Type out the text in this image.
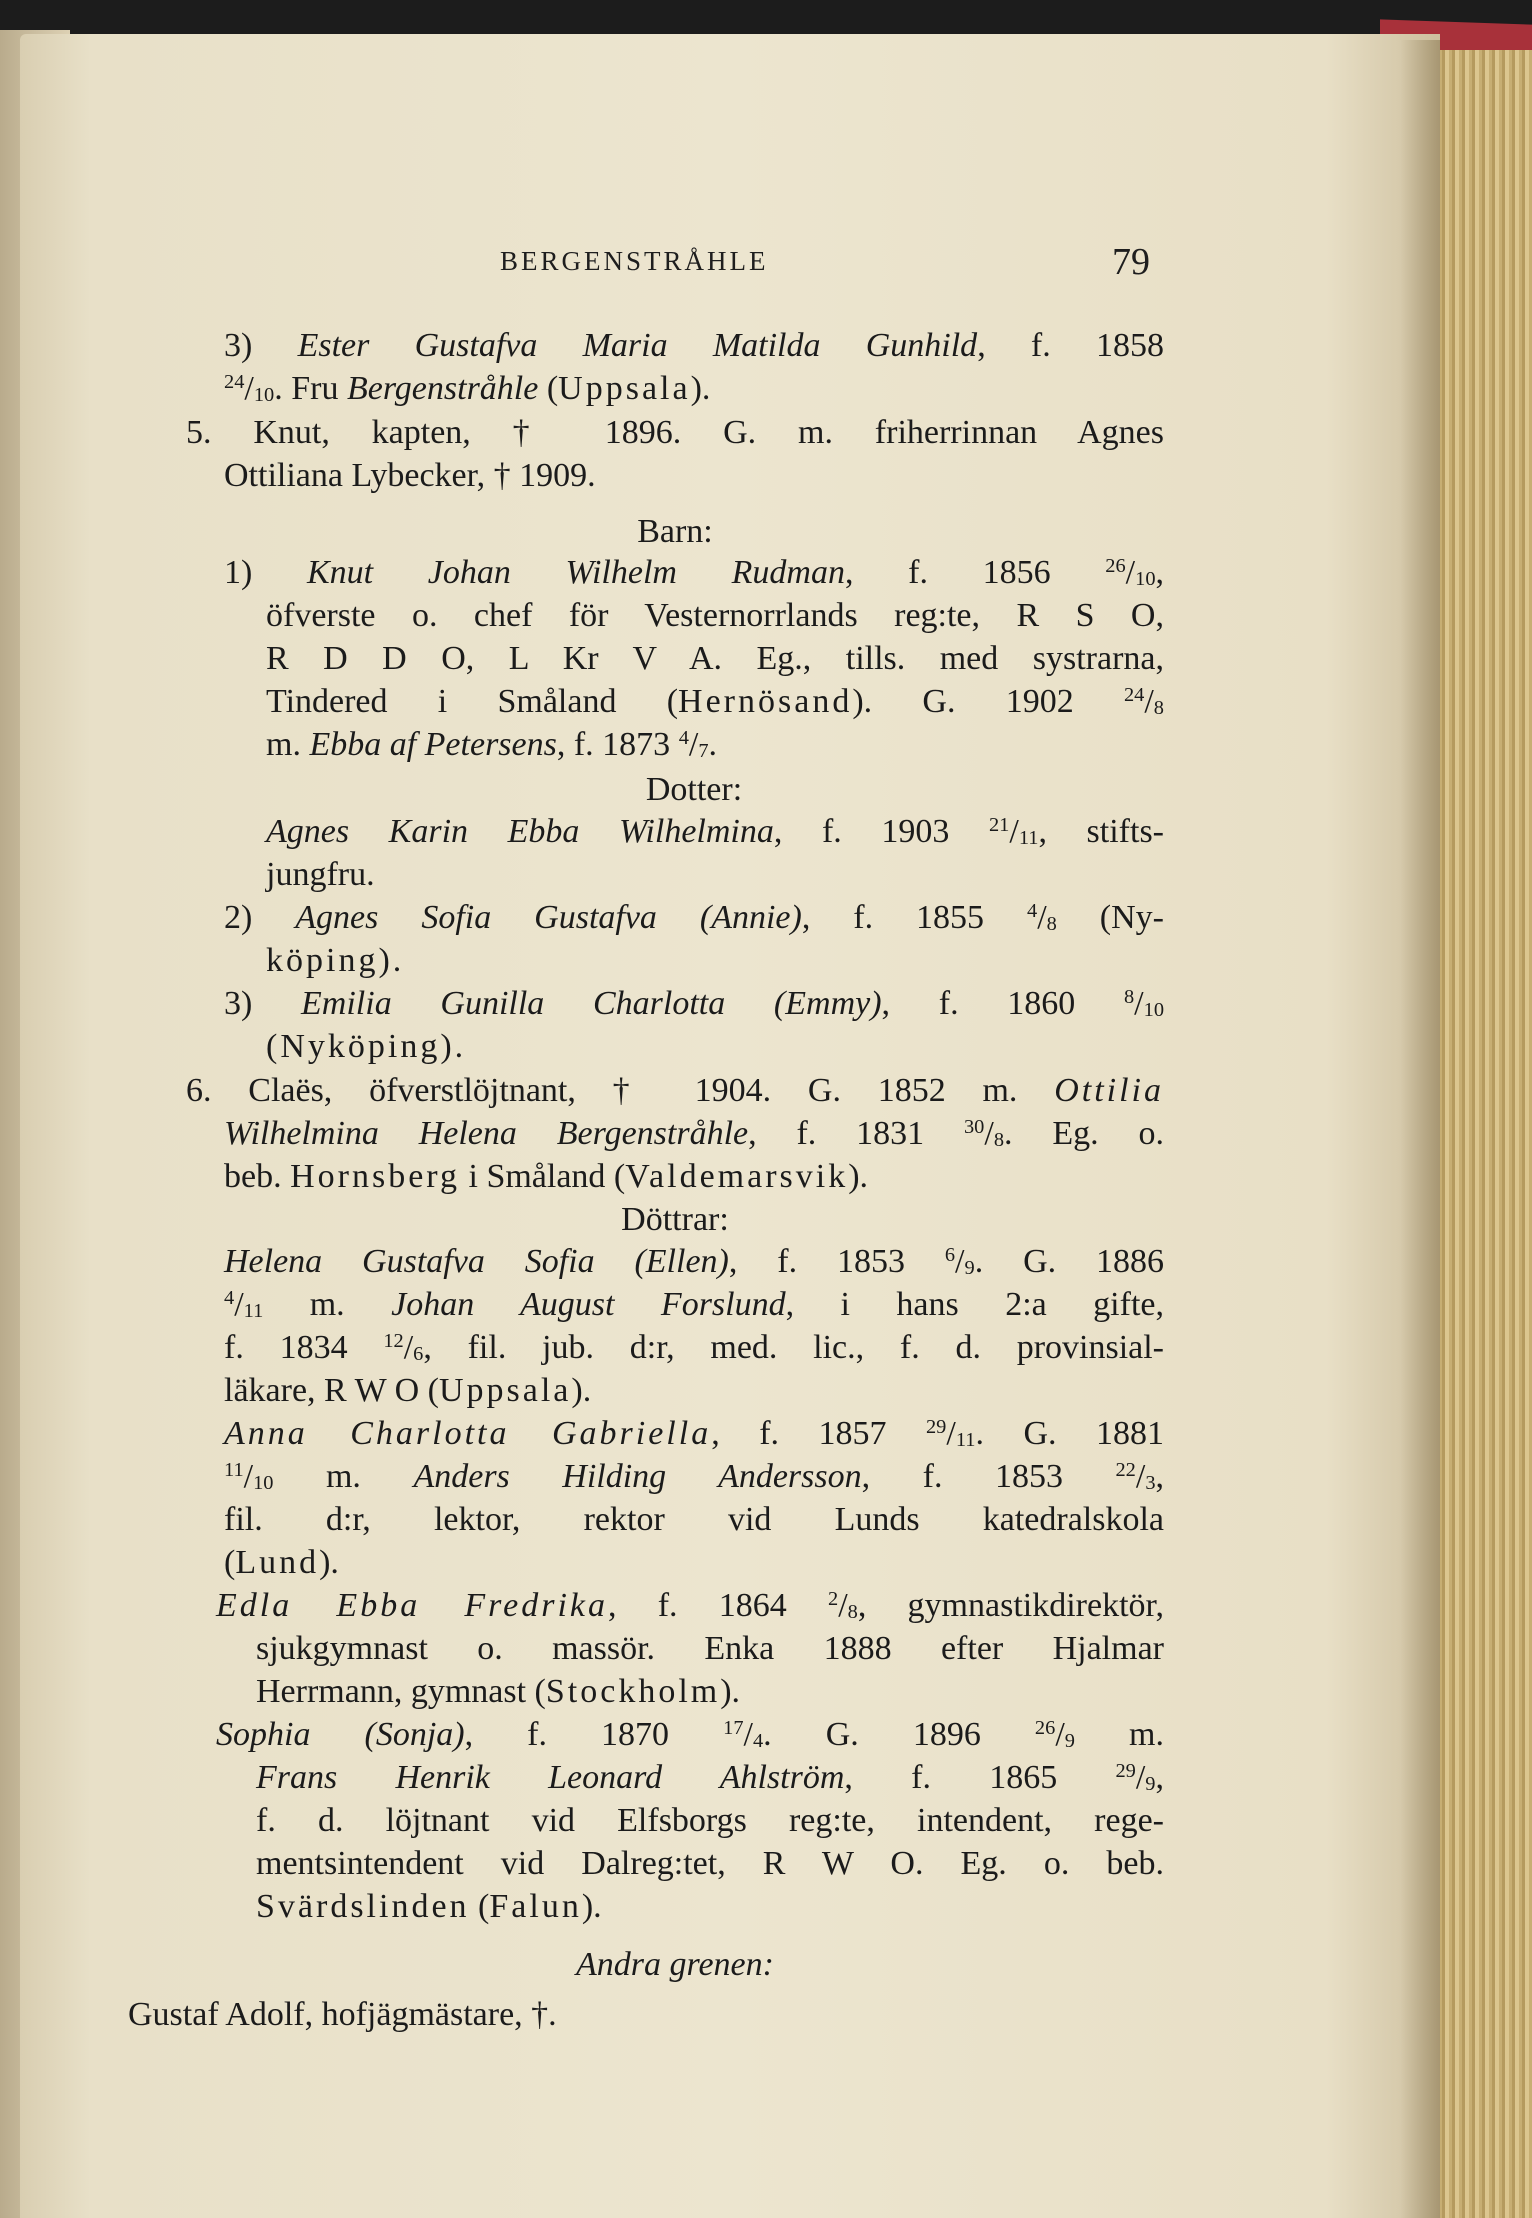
BERGENSTRÅHLE	79
3) Ester Gustafva Maria Matilda Gunhild, f. 1858
$^{24}/_{10}$. Fru Bergenstråhle (Uppsala).
5. Knut, kapten, † 1896. G. m. friherrinnan Agnes
Ottiliana Lybecker, † 1909.
Barn:
1) Knut Johan Wilhelm Rudman, f. 1856 $^{26}/_{10}$,
öfverste o. chef för Vesternorrlands reg:te, R S O,
R D D O, L Kr V A. Eg., tills. med systrarna,
Tindered i Småland (Hernösand). G. 1902 $^{24}/_8$
m. Ebba af Petersens, f. 1873 $^4/_7$.
Dotter:
Agnes Karin Ebba Wilhelmina, f. 1903 $^{21}/_{11}$, stifts-
jungfru.
2) Agnes Sofia Gustafva (Annie), f. 1855 $^4/_8$ (Ny-
köping).
3) Emilia Gunilla Charlotta (Emmy), f. 1860 $^8/_{10}$
(Nyköping).
6. Claës, öfverstlöjtnant, † 1904. G. 1852 m. Ottilia
Wilhelmina Helena Bergenstråhle, f. 1831 $^{30}/_8$. Eg. o.
beb. Hornsberg i Småland (Valdemarsvik).
Döttrar:
Helena Gustafva Sofia (Ellen), f. 1853 $^6/_9$. G. 1886
$^4/_{11}$ m. Johan August Forslund, i hans 2:a gifte,
f. 1834 $^{12}/_6$, fil. jub. d:r, med. lic., f. d. provinsial-
läkare, R W O (Uppsala).
Anna Charlotta Gabriella, f. 1857 $^{29}/_{11}$. G. 1881
$^{11}/_{10}$ m. Anders Hilding Andersson, f. 1853 $^{22}/_3$,
fil. d:r, lektor, rektor vid Lunds katedralskola
(Lund).
Edla Ebba Fredrika, f. 1864 $^2/_8$, gymnastikdirektör,
sjukgymnast o. massör. Enka 1888 efter Hjalmar
Herrmann, gymnast (Stockholm).
Sophia (Sonja), f. 1870 $^{17}/_4$. G. 1896 $^{26}/_9$ m.
Frans Henrik Leonard Ahlström, f. 1865 $^{29}/_9$,
f. d. löjtnant vid Elfsborgs reg:te, intendent, rege-
mentsintendent vid Dalreg:tet, R W O. Eg. o. beb.
Svärdslinden (Falun).
Andra grenen:
Gustaf Adolf, hofjägmästare, †.
